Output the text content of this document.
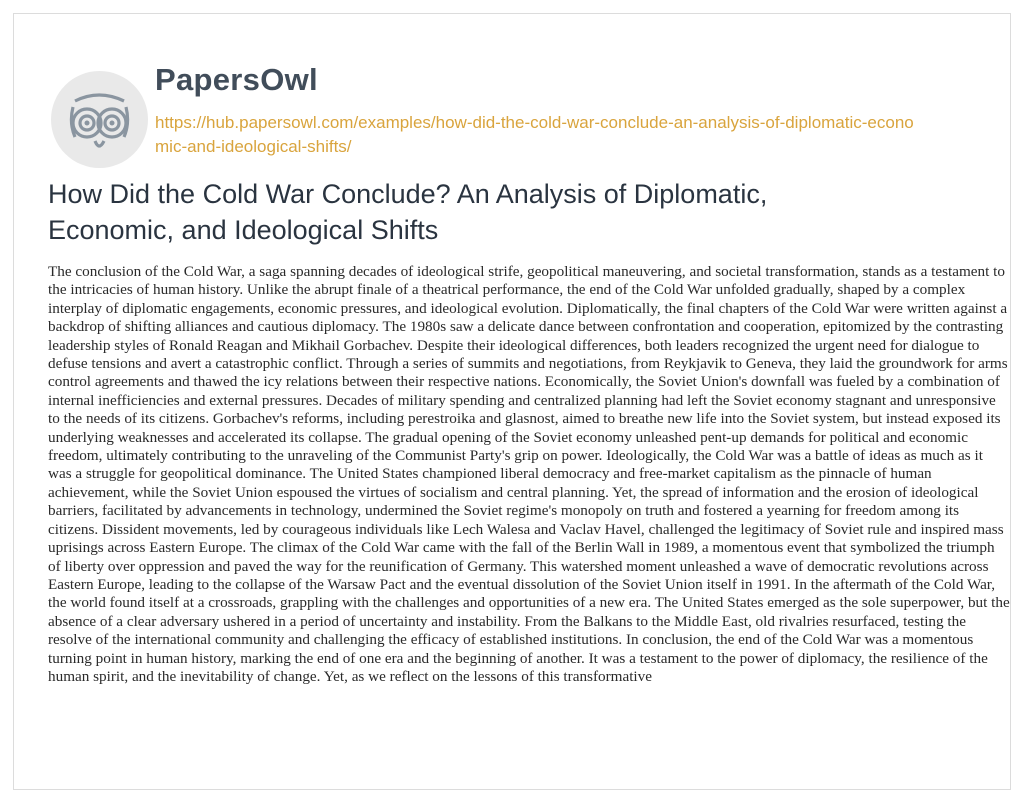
PapersOwl
https://hub.papersowl.com/examples/how-did-the-cold-war-conclude-an-analysis-of-diplomatic-economic-and-ideological-shifts/
How Did the Cold War Conclude? An Analysis of Diplomatic, Economic, and Ideological Shifts

The conclusion of the Cold War, a saga spanning decades of ideological strife, geopolitical maneuvering, and societal transformation, stands as a testament to the intricacies of human history. Unlike the abrupt finale of a theatrical performance, the end of the Cold War unfolded gradually, shaped by a complex interplay of diplomatic engagements, economic pressures, and ideological evolution. Diplomatically, the final chapters of the Cold War were written against a backdrop of shifting alliances and cautious diplomacy. The 1980s saw a delicate dance between confrontation and cooperation, epitomized by the contrasting leadership styles of Ronald Reagan and Mikhail Gorbachev. Despite their ideological differences, both leaders recognized the urgent need for dialogue to defuse tensions and avert a catastrophic conflict. Through a series of summits and negotiations, from Reykjavik to Geneva, they laid the groundwork for arms control agreements and thawed the icy relations between their respective nations. Economically, the Soviet Union's downfall was fueled by a combination of internal inefficiencies and external pressures. Decades of military spending and centralized planning had left the Soviet economy stagnant and unresponsive to the needs of its citizens. Gorbachev's reforms, including perestroika and glasnost, aimed to breathe new life into the Soviet system, but instead exposed its underlying weaknesses and accelerated its collapse. The gradual opening of the Soviet economy unleashed pent-up demands for political and economic freedom, ultimately contributing to the unraveling of the Communist Party's grip on power. Ideologically, the Cold War was a battle of ideas as much as it was a struggle for geopolitical dominance. The United States championed liberal democracy and free-market capitalism as the pinnacle of human achievement, while the Soviet Union espoused the virtues of socialism and central planning. Yet, the spread of information and the erosion of ideological barriers, facilitated by advancements in technology, undermined the Soviet regime's monopoly on truth and fostered a yearning for freedom among its citizens. Dissident movements, led by courageous individuals like Lech Walesa and Vaclav Havel, challenged the legitimacy of Soviet rule and inspired mass uprisings across Eastern Europe. The climax of the Cold War came with the fall of the Berlin Wall in 1989, a momentous event that symbolized the triumph of liberty over oppression and paved the way for the reunification of Germany. This watershed moment unleashed a wave of democratic revolutions across Eastern Europe, leading to the collapse of the Warsaw Pact and the eventual dissolution of the Soviet Union itself in 1991. In the aftermath of the Cold War, the world found itself at a crossroads, grappling with the challenges and opportunities of a new era. The United States emerged as the sole superpower, but the absence of a clear adversary ushered in a period of uncertainty and instability. From the Balkans to the Middle East, old rivalries resurfaced, testing the resolve of the international community and challenging the efficacy of established institutions. In conclusion, the end of the Cold War was a momentous turning point in human history, marking the end of one era and the beginning of another. It was a testament to the power of diplomacy, the resilience of the human spirit, and the inevitability of change. Yet, as we reflect on the lessons of this transformative
